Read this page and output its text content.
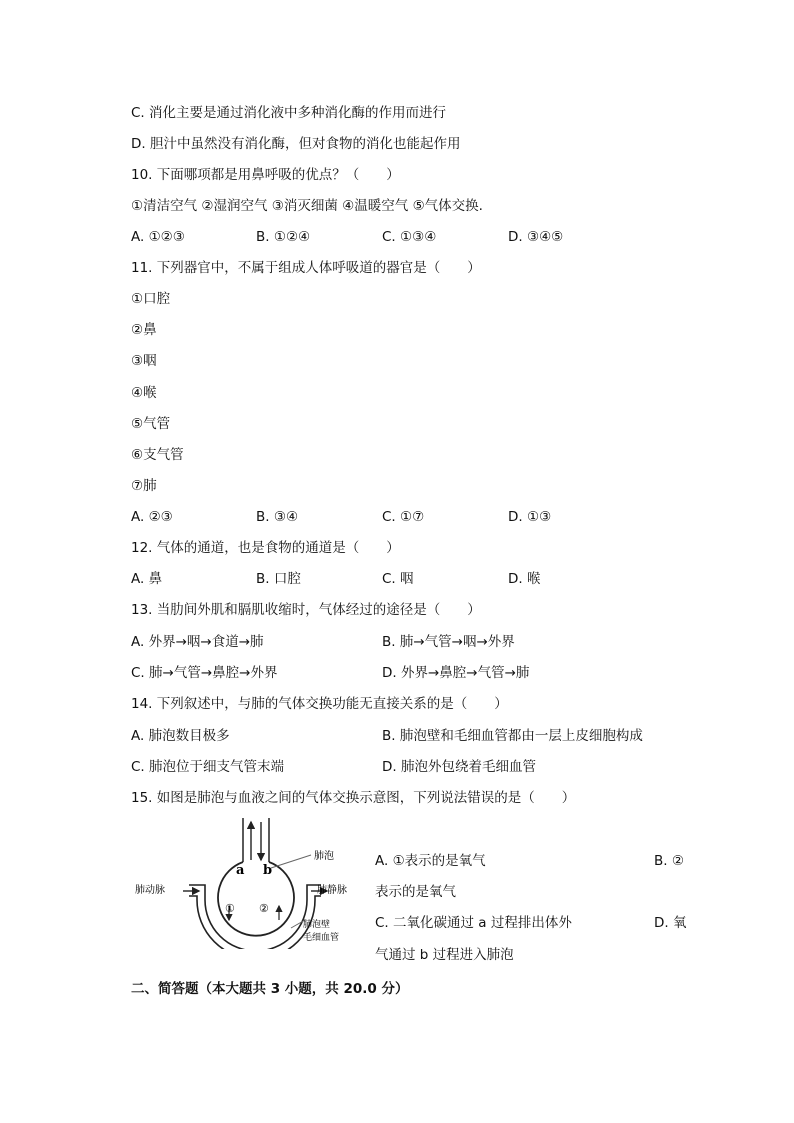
C. 消化主要是通过消化液中多种消化酶的作用而进行
D. 胆汁中虽然没有消化酶，但对食物的消化也能起作用
10. 下面哪项都是用鼻呼吸的优点？（　　）
①清洁空气 ②湿润空气 ③消灭细菌 ④温暖空气 ⑤气体交换.
A. ①②③	B. ①②④	C. ①③④	D. ③④⑤
11. 下列器官中，不属于组成人体呼吸道的器官是（　　）
①口腔
②鼻
③咽
④喉
⑤气管
⑥支气管
⑦肺
A. ②③	B. ③④	C. ①⑦	D. ①③
12. 气体的通道，也是食物的通道是（　　）
A. 鼻	B. 口腔	C. 咽	D. 喉
13. 当肋间外肌和膈肌收缩时，气体经过的途径是（　　）
A. 外界→咽→食道→肺	B. 肺→气管→咽→外界
C. 肺→气管→鼻腔→外界	D. 外界→鼻腔→气管→肺
14. 下列叙述中，与肺的气体交换功能无直接关系的是（　　）
A. 肺泡数目极多	B. 肺泡壁和毛细血管都由一层上皮细胞构成
C. 肺泡位于细支气管末端	D. 肺泡外包绕着毛细血管
15. 如图是肺泡与血液之间的气体交换示意图，下列说法错误的是（　　）
a b
① ②
肺泡
肺动脉	肺静脉
肺泡壁
毛细血管
A. ①表示的是氧气	B. ②
表示的是氧气
C. 二氧化碳通过 a 过程排出体外	D. 氧
气通过 b 过程进入肺泡
二、简答题（本大题共 3 小题，共 20.0 分）
